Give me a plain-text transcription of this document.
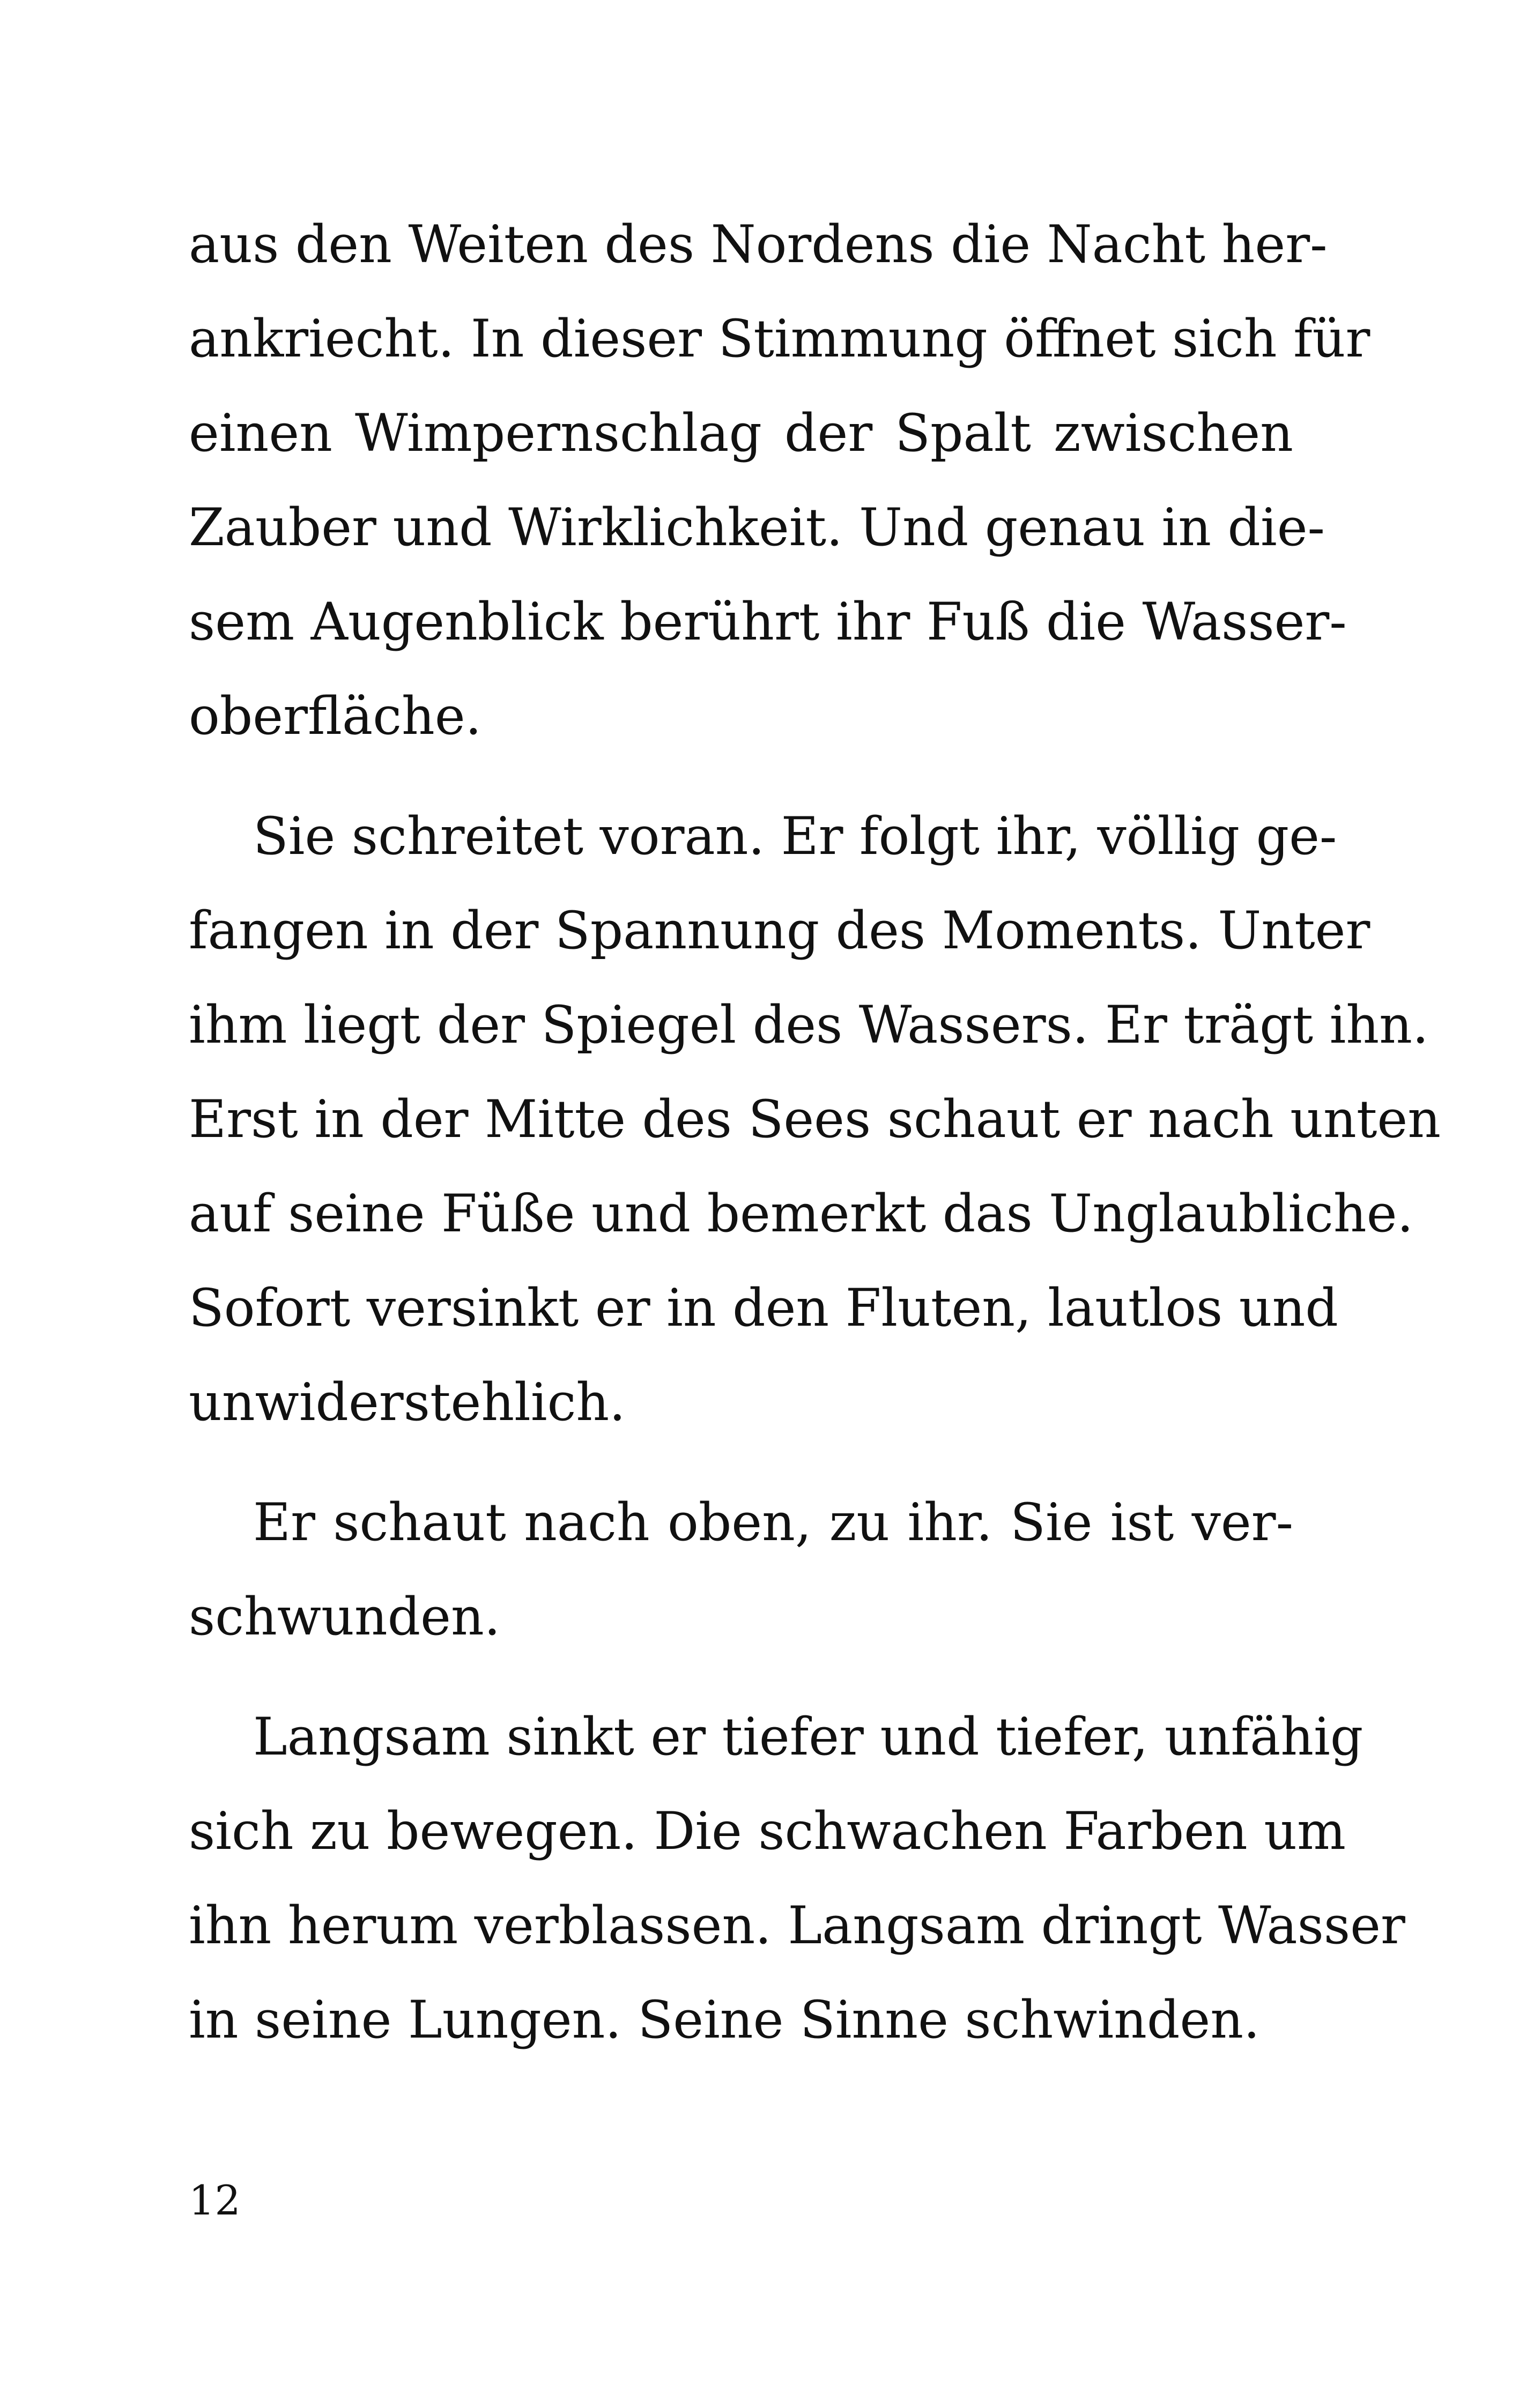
aus den Weiten des Nordens die Nacht her-
ankriecht. In dieser Stimmung öffnet sich für
einen Wimpernschlag der Spalt zwischen
Zauber und Wirklichkeit. Und genau in die-
sem Augenblick berührt ihr Fuß die Wasser-
oberfläche.
Sie schreitet voran. Er folgt ihr, völlig ge-
fangen in der Spannung des Moments. Unter
ihm liegt der Spiegel des Wassers. Er trägt ihn.
Erst in der Mitte des Sees schaut er nach unten
auf seine Füße und bemerkt das Unglaubliche.
Sofort versinkt er in den Fluten, lautlos und
unwiderstehlich.
Er schaut nach oben, zu ihr. Sie ist ver-
schwunden.
Langsam sinkt er tiefer und tiefer, unfähig
sich zu bewegen. Die schwachen Farben um
ihn herum verblassen. Langsam dringt Wasser
in seine Lungen. Seine Sinne schwinden.
12
